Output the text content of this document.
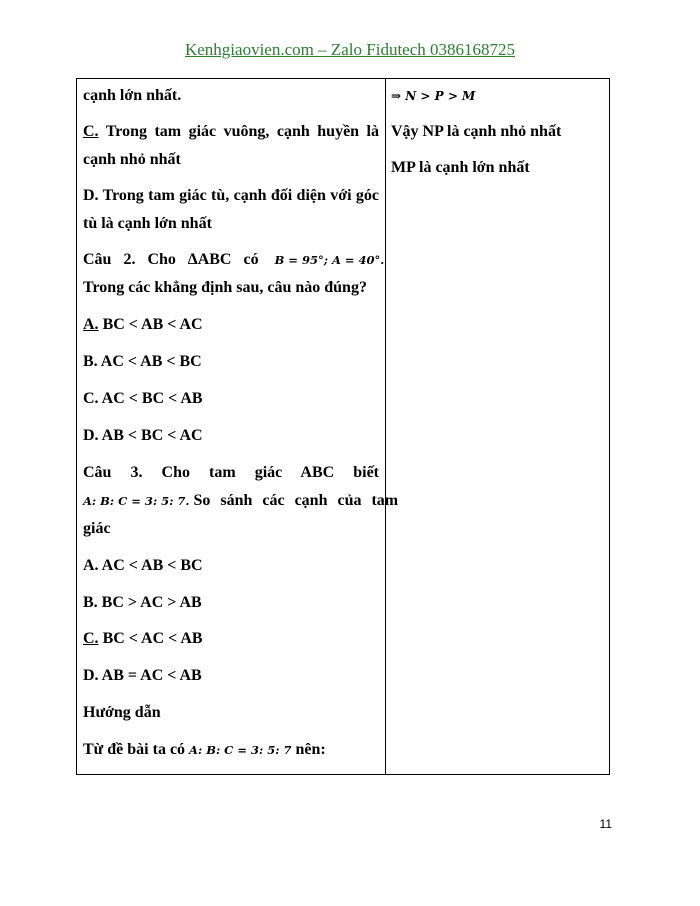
Kenhgiaovien.com – Zalo Fidutech 0386168725
cạnh lớn nhất.
C. Trong tam giác vuông, cạnh huyền là
cạnh nhỏ nhất
D. Trong tam giác tù, cạnh đối diện với góc
tù là cạnh lớn nhất
Câu 2. Cho ∆ABC có B = 95°; A = 40°.
Trong các khẳng định sau, câu nào đúng?
A. BC < AB < AC
B. AC < AB < BC
C. AC < BC < AB
D. AB < BC < AC
Câu 3. Cho tam giác ABC biết
A: B: C = 3: 5: 7. So sánh các cạnh của tam
giác
A. AC < AB < BC
B. BC > AC > AB
C. BC < AC < AB
D. AB = AC < AB
Hướng dẫn
Từ đề bài ta có A: B: C = 3: 5: 7 nên:
⇒ N > P > M
Vậy NP là cạnh nhỏ nhất
MP là cạnh lớn nhất
11
